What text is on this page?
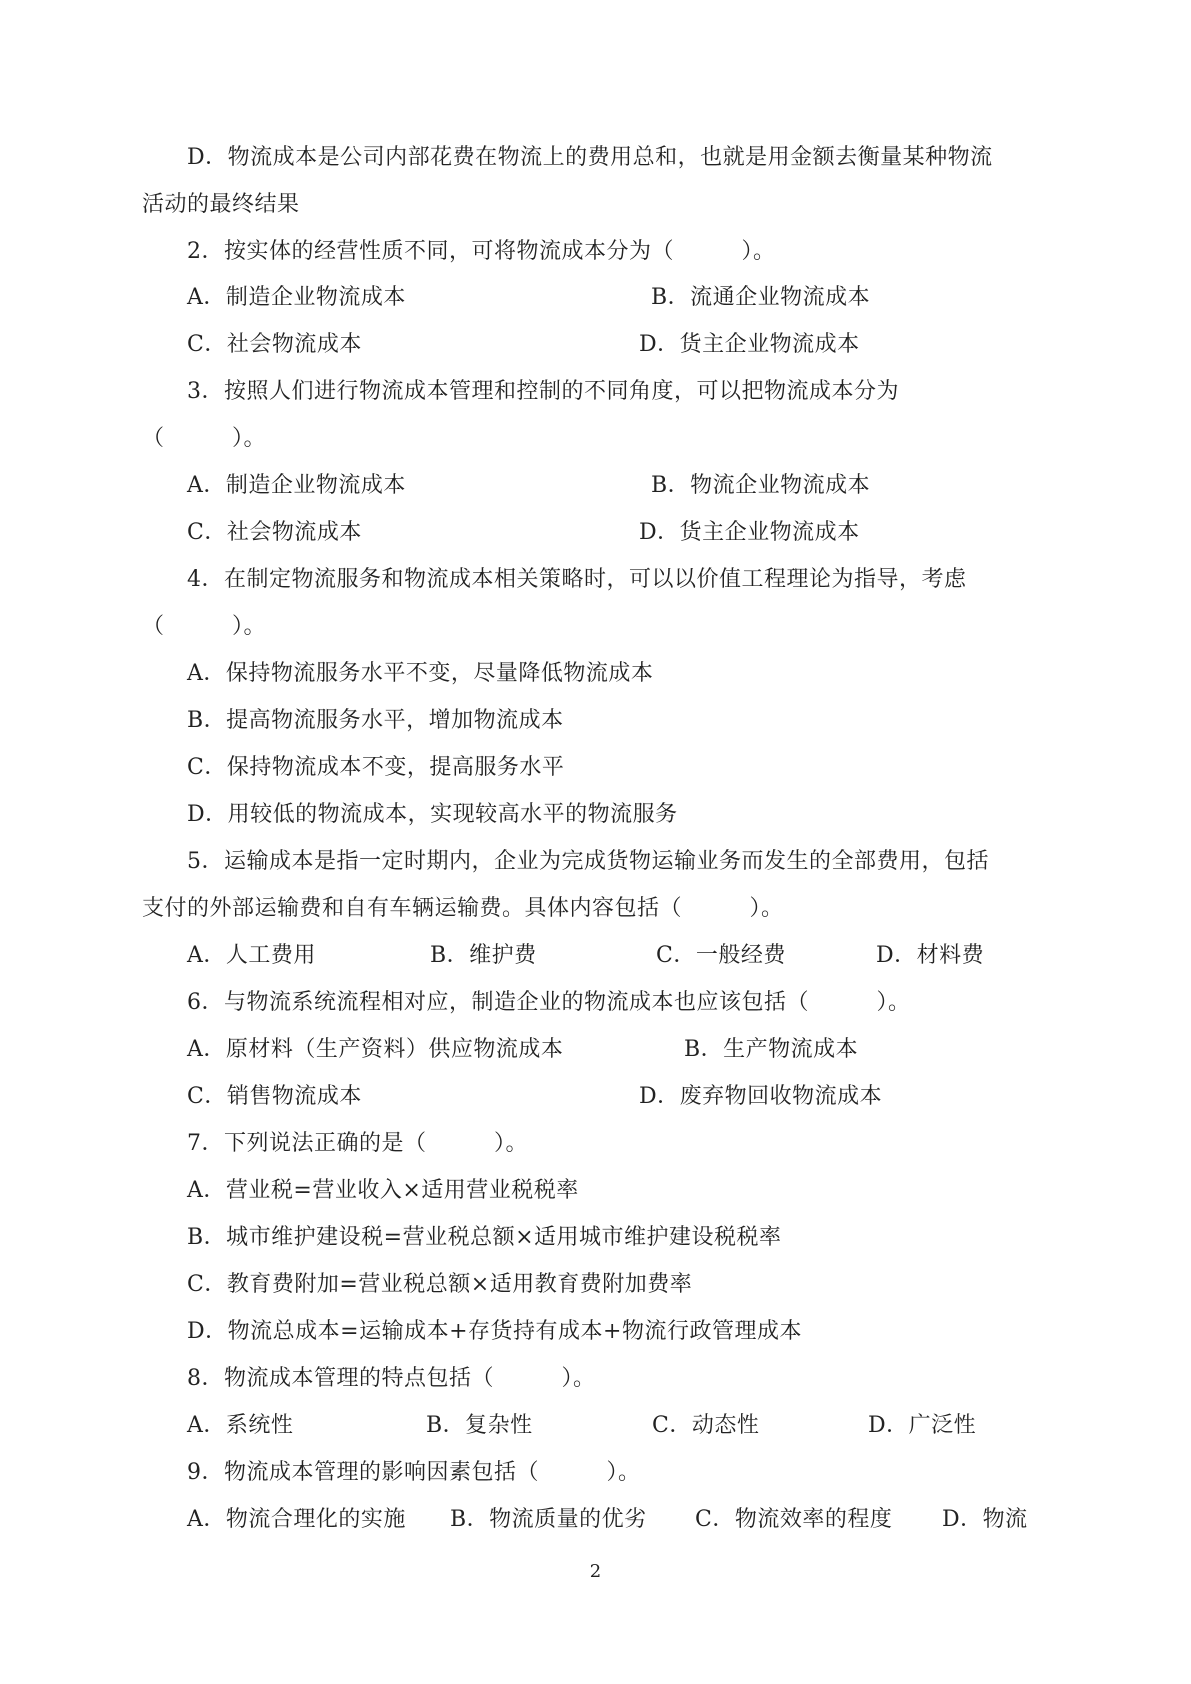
D．物流成本是公司内部花费在物流上的费用总和，也就是用金额去衡量某种物流
活动的最终结果
2．按实体的经营性质不同，可将物流成本分为（　　　）。
A．制造企业物流成本	B．流通企业物流成本
C．社会物流成本	D．货主企业物流成本
3．按照人们进行物流成本管理和控制的不同角度，可以把物流成本分为
（　　　）。
A．制造企业物流成本	B．物流企业物流成本
C．社会物流成本	D．货主企业物流成本
4．在制定物流服务和物流成本相关策略时，可以以价值工程理论为指导，考虑
（　　　）。
A．保持物流服务水平不变，尽量降低物流成本
B．提高物流服务水平，增加物流成本
C．保持物流成本不变，提高服务水平
D．用较低的物流成本，实现较高水平的物流服务
5．运输成本是指一定时期内，企业为完成货物运输业务而发生的全部费用，包括
支付的外部运输费和自有车辆运输费。具体内容包括（　　　）。
A．人工费用	B．维护费	C．一般经费	D．材料费
6．与物流系统流程相对应，制造企业的物流成本也应该包括（　　　）。
A．原材料（生产资料）供应物流成本	B．生产物流成本
C．销售物流成本	D．废弃物回收物流成本
7．下列说法正确的是（　　　）。
A．营业税=营业收入×适用营业税税率
B．城市维护建设税=营业税总额×适用城市维护建设税税率
C．教育费附加=营业税总额×适用教育费附加费率
D．物流总成本=运输成本+存货持有成本+物流行政管理成本
8．物流成本管理的特点包括（　　　）。
A．系统性	B．复杂性	C．动态性	D．广泛性
9．物流成本管理的影响因素包括（　　　）。
A．物流合理化的实施 B．物流质量的优劣 C．物流效率的程度 D．物流
2
